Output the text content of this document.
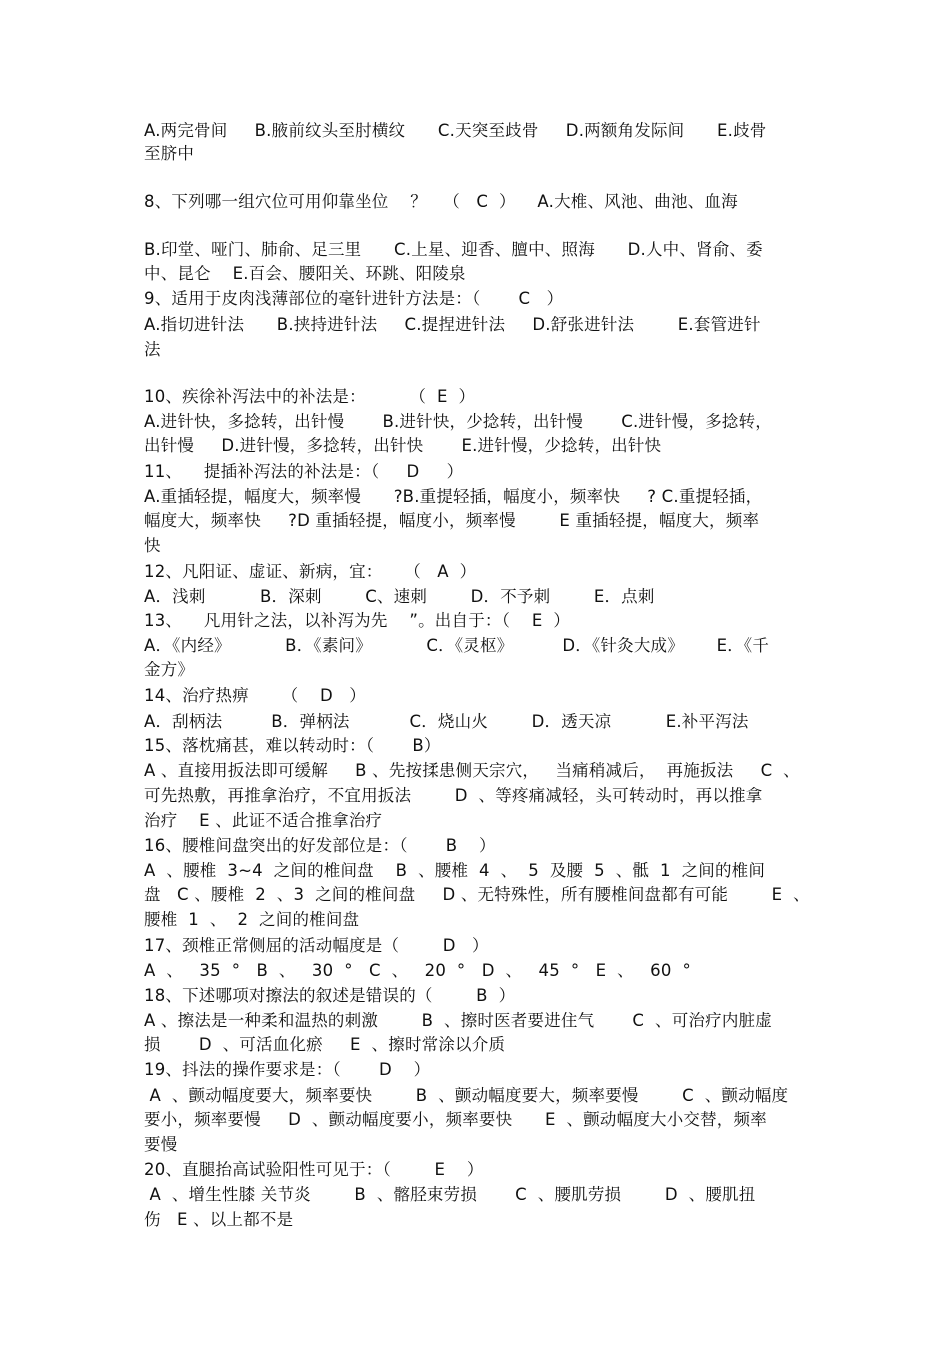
A.两完骨间     B.腋前纹头至肘横纹      C.天突至歧骨     D.两额角发际间      E.歧骨
至脐中
8、下列哪一组穴位可用仰靠坐位    ？   （   C  ）    A.大椎、风池、曲池、血海
B.印堂、哑门、肺俞、足三里      C.上星、迎香、膻中、照海      D.人中、肾俞、委
中、昆仑    E.百会、腰阳关、环跳、阳陵泉
9、适用于皮肉浅薄部位的毫针进针方法是：（       C   ）
A.指切进针法      B.挟持进针法     C.提捏进针法     D.舒张进针法        E.套管进针
法
10、疾徐补泻法中的补法是：        （  E  ）
A.进针快，多捻转，出针慢       B.进针快，少捻转，出针慢       C.进针慢，多捻转，
出针慢     D.进针慢，多捻转，出针快       E.进针慢，少捻转，出针快
11、    提插补泻法的补法是：（     D     ）
A.重插轻提，幅度大，频率慢      ?B.重提轻插，幅度小，频率快     ? C.重提轻插，
幅度大，频率快     ?D 重插轻提，幅度小，频率慢        E 重插轻提，幅度大，频率
快
12、凡阳证、虚证、新病，宜：    （   A  ）
A．浅刺          B．深刺        C、速刺        D．不予刺        E．点刺
13、    凡用针之法，以补泻为先    ”。出自于：（    E  ）
A．《内经》          B．《素问》          C．《灵枢》         D．《针灸大成》      E．《千
金方》
14、治疗热痹      （    D   ）
A．刮柄法         B．弹柄法           C．烧山火        D．透天凉          E.补平泻法
15、落枕痛甚，难以转动时：（       B）
A 、直接用扳法即可缓解     B 、先按揉患侧天宗穴，   当痛稍减后，  再施扳法     C  、
可先热敷，再推拿治疗，不宜用扳法        D  、等疼痛减轻，头可转动时，再以推拿
治疗    E 、此证不适合推拿治疗
16、腰椎间盘突出的好发部位是：（       B    ）
A  、腰椎  3~4  之间的椎间盘    B  、腰椎  4  、  5  及腰  5  、骶  1  之间的椎间
盘   C 、腰椎  2  、3  之间的椎间盘     D 、无特殊性，所有腰椎间盘都有可能        E  、
腰椎  1  、  2  之间的椎间盘
17、颈椎正常侧屈的活动幅度是（        D   ）
A  、   35  °   B  、   30  °   C  、   20  °   D  、   45  °   E  、   60  °
18、下述哪项对擦法的叙述是错误的（        B  ）
A 、擦法是一种柔和温热的刺激        B  、擦时医者要进住气       C  、可治疗内脏虚
损       D  、可活血化瘀     E  、擦时常涂以介质
19、抖法的操作要求是：（       D    ）
A  、颤动幅度要大，频率要快        B  、颤动幅度要大，频率要慢        C  、颤动幅度
要小，频率要慢     D  、颤动幅度要小，频率要快      E  、颤动幅度大小交替，频率
要慢
20、直腿抬高试验阳性可见于：（        E    ）
A  、增生性膝 关节炎        B  、髂胫束劳损       C  、腰肌劳损        D  、腰肌扭
伤   E 、以上都不是
